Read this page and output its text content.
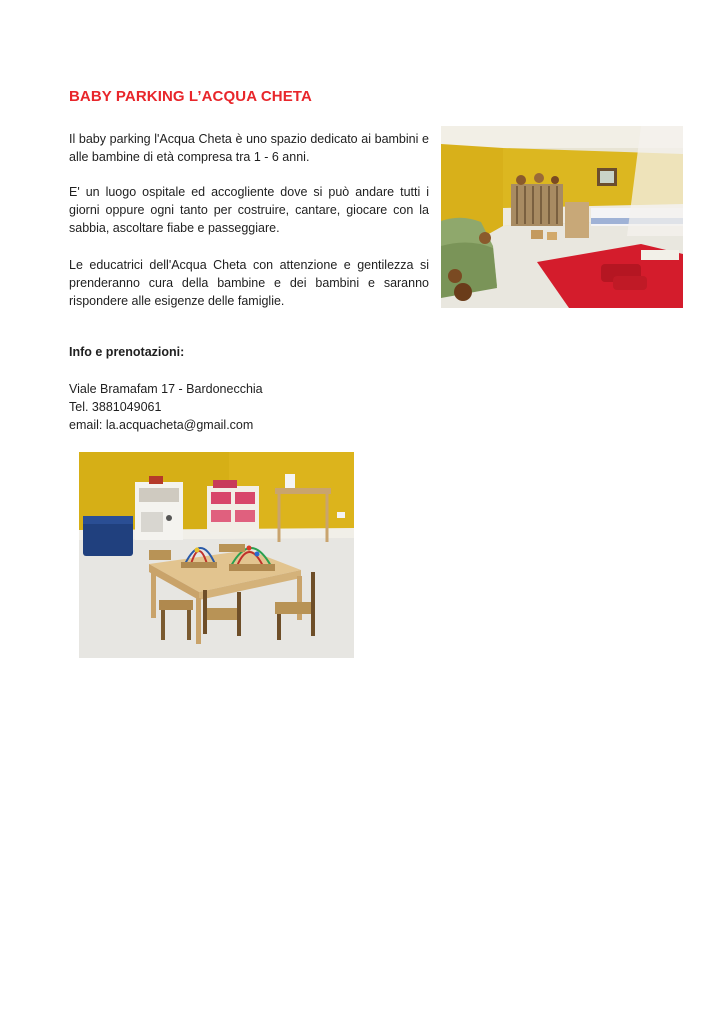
BABY PARKING L’ACQUA CHETA

Il baby parking l'Acqua Cheta è uno spazio dedicato ai bambini e alle bambine di età compresa tra 1 - 6 anni.

E' un luogo ospitale ed accogliente dove si può andare tutti i giorni oppure ogni tanto per costruire, cantare, giocare con la sabbia, ascoltare fiabe e passeggiare.

Le educatrici dell'Acqua Cheta con attenzione e gentilezza si prenderanno cura della bambine e dei bambini e saranno rispondere alle esigenze delle famiglie.

Info e prenotazioni:

Viale Bramafam 17 - Bardonecchia
Tel. 3881049061
email: la.acquacheta@gmail.com
